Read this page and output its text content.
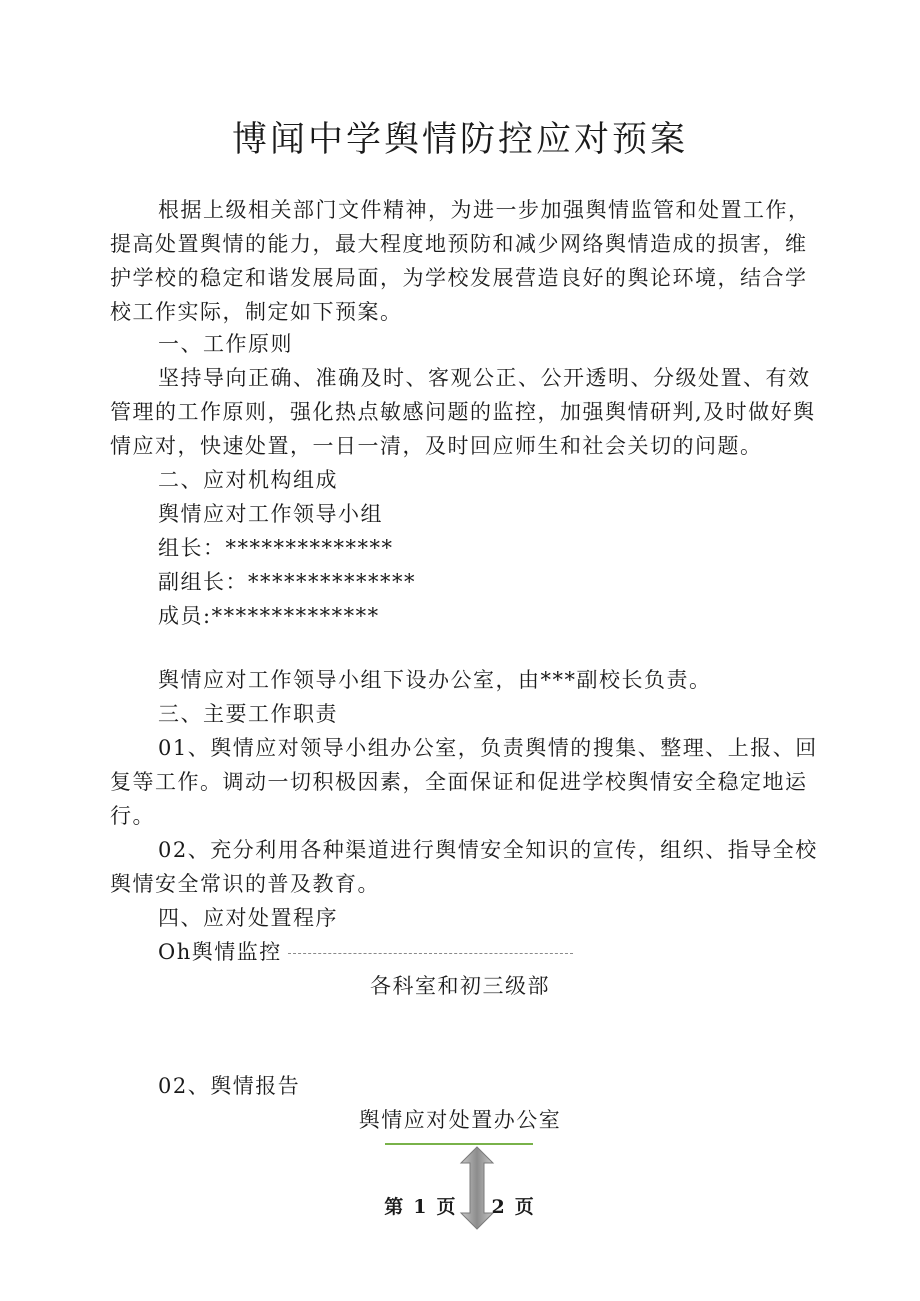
博闻中学舆情防控应对预案

根据上级相关部门文件精神，为进一步加强舆情监管和处置工作，提高处置舆情的能力，最大程度地预防和减少网络舆情造成的损害，维护学校的稳定和谐发展局面，为学校发展营造良好的舆论环境，结合学校工作实际，制定如下预案。

一、工作原则

坚持导向正确、准确及时、客观公正、公开透明、分级处置、有效管理的工作原则，强化热点敏感问题的监控，加强舆情研判,及时做好舆情应对，快速处置，一日一清，及时回应师生和社会关切的问题。

二、应对机构组成
舆情应对工作领导小组
组长：**************
副组长：**************
成员:**************
舆情应对工作领导小组下设办公室，由***副校长负责。
三、主要工作职责

01、舆情应对领导小组办公室，负责舆情的搜集、整理、上报、回复等工作。调动一切积极因素，全面保证和促进学校舆情安全稳定地运行。

02、充分利用各种渠道进行舆情安全知识的宣传，组织、指导全校舆情安全常识的普及教育。

四、应对处置程序
Oh舆情监控
各科室和初三级部
02、舆情报告
舆情应对处置办公室
第 1 页 2 页
